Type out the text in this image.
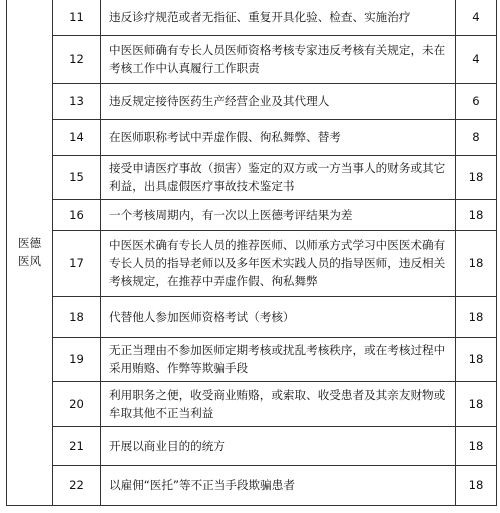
医德
医风	11	违反诊疗规范或者无指征、重复开具化验、检查、实施治疗	4
	12	中医医师确有专长人员医师资格考核专家违反考核有关规定，未在考核工作中认真履行工作职责	4
	13	违反规定接待医药生产经营企业及其代理人	6
	14	在医师职称考试中弄虚作假、徇私舞弊、替考	8
	15	接受申请医疗事故（损害）鉴定的双方或一方当事人的财务或其它利益，出具虚假医疗事故技术鉴定书	18
	16	一个考核周期内，有一次以上医德考评结果为差	18
	17	中医医术确有专长人员的推荐医师、以师承方式学习中医医术确有专长人员的指导老师以及多年医术实践人员的指导医师，违反相关考核规定，在推荐中弄虚作假、徇私舞弊	18
	18	代替他人参加医师资格考试（考核）	18
	19	无正当理由不参加医师定期考核或扰乱考核秩序，或在考核过程中采用贿赂、作弊等欺骗手段	18
	20	利用职务之便，收受商业贿赂，或索取、收受患者及其亲友财物或牟取其他不正当利益	18
	21	开展以商业目的的统方	18
	22	以雇佣“医托”等不正当手段欺骗患者	18
